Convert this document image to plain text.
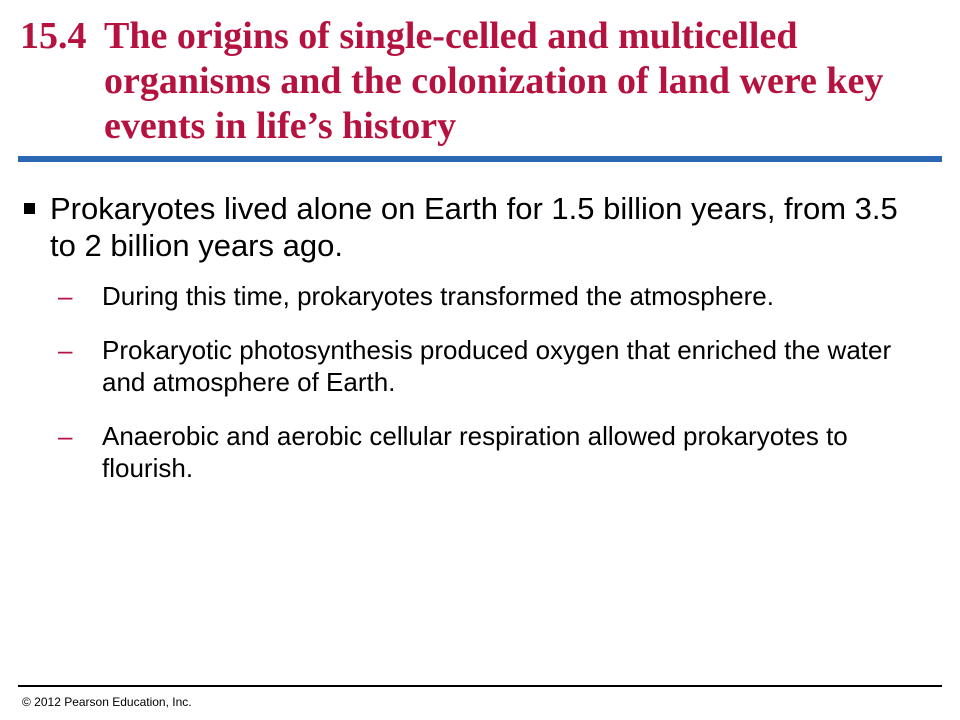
15.4 The origins of single-celled and multicelled organisms and the colonization of land were key events in life’s history
Prokaryotes lived alone on Earth for 1.5 billion years, from 3.5 to 2 billion years ago.
–	During this time, prokaryotes transformed the atmosphere.
–	Prokaryotic photosynthesis produced oxygen that enriched the water and atmosphere of Earth.
–	Anaerobic and aerobic cellular respiration allowed prokaryotes to flourish.
© 2012 Pearson Education, Inc.
